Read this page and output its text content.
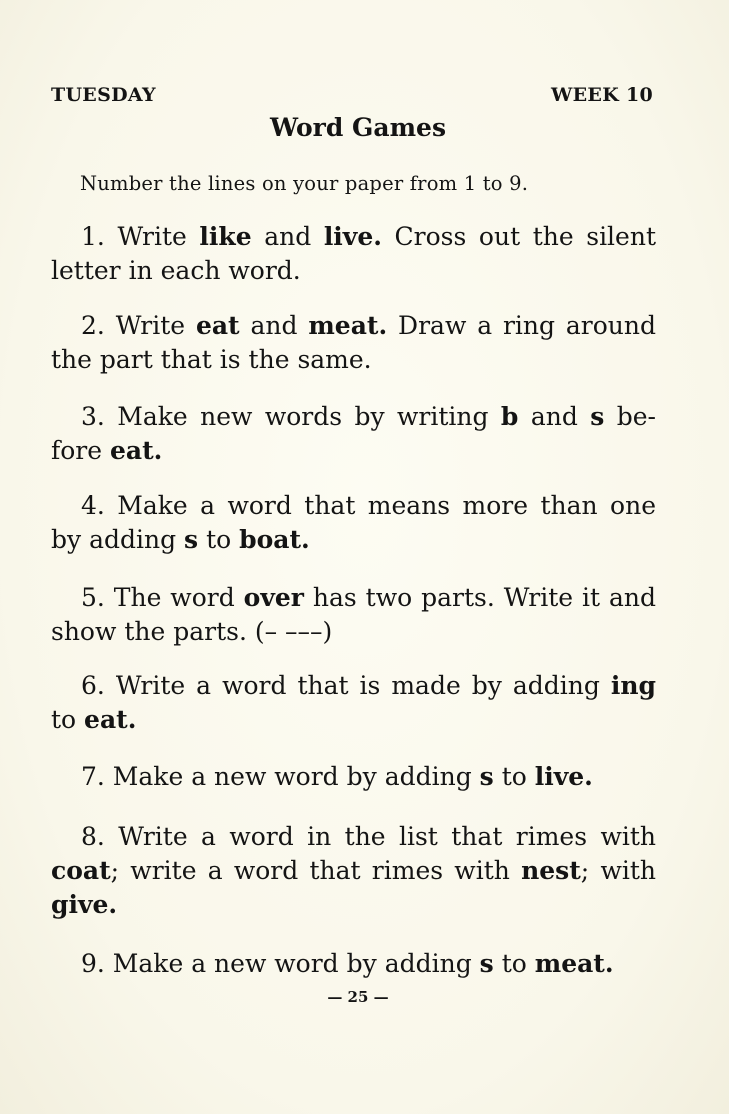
TUESDAY	WEEK 10
Word Games
Number the lines on your paper from 1 to 9.
1. Write like and live. Cross out the silent letter in each word.
2. Write eat and meat. Draw a ring around the part that is the same.
3. Make new words by writing b and s be-fore eat.
4. Make a word that means more than one by adding s to boat.
5. The word over has two parts. Write it and show the parts. (– –––)
6. Write a word that is made by adding ing to eat.
7. Make a new word by adding s to live.
8. Write a word in the list that rimes with coat; write a word that rimes with nest; with give.
9. Make a new word by adding s to meat.
— 25 —
